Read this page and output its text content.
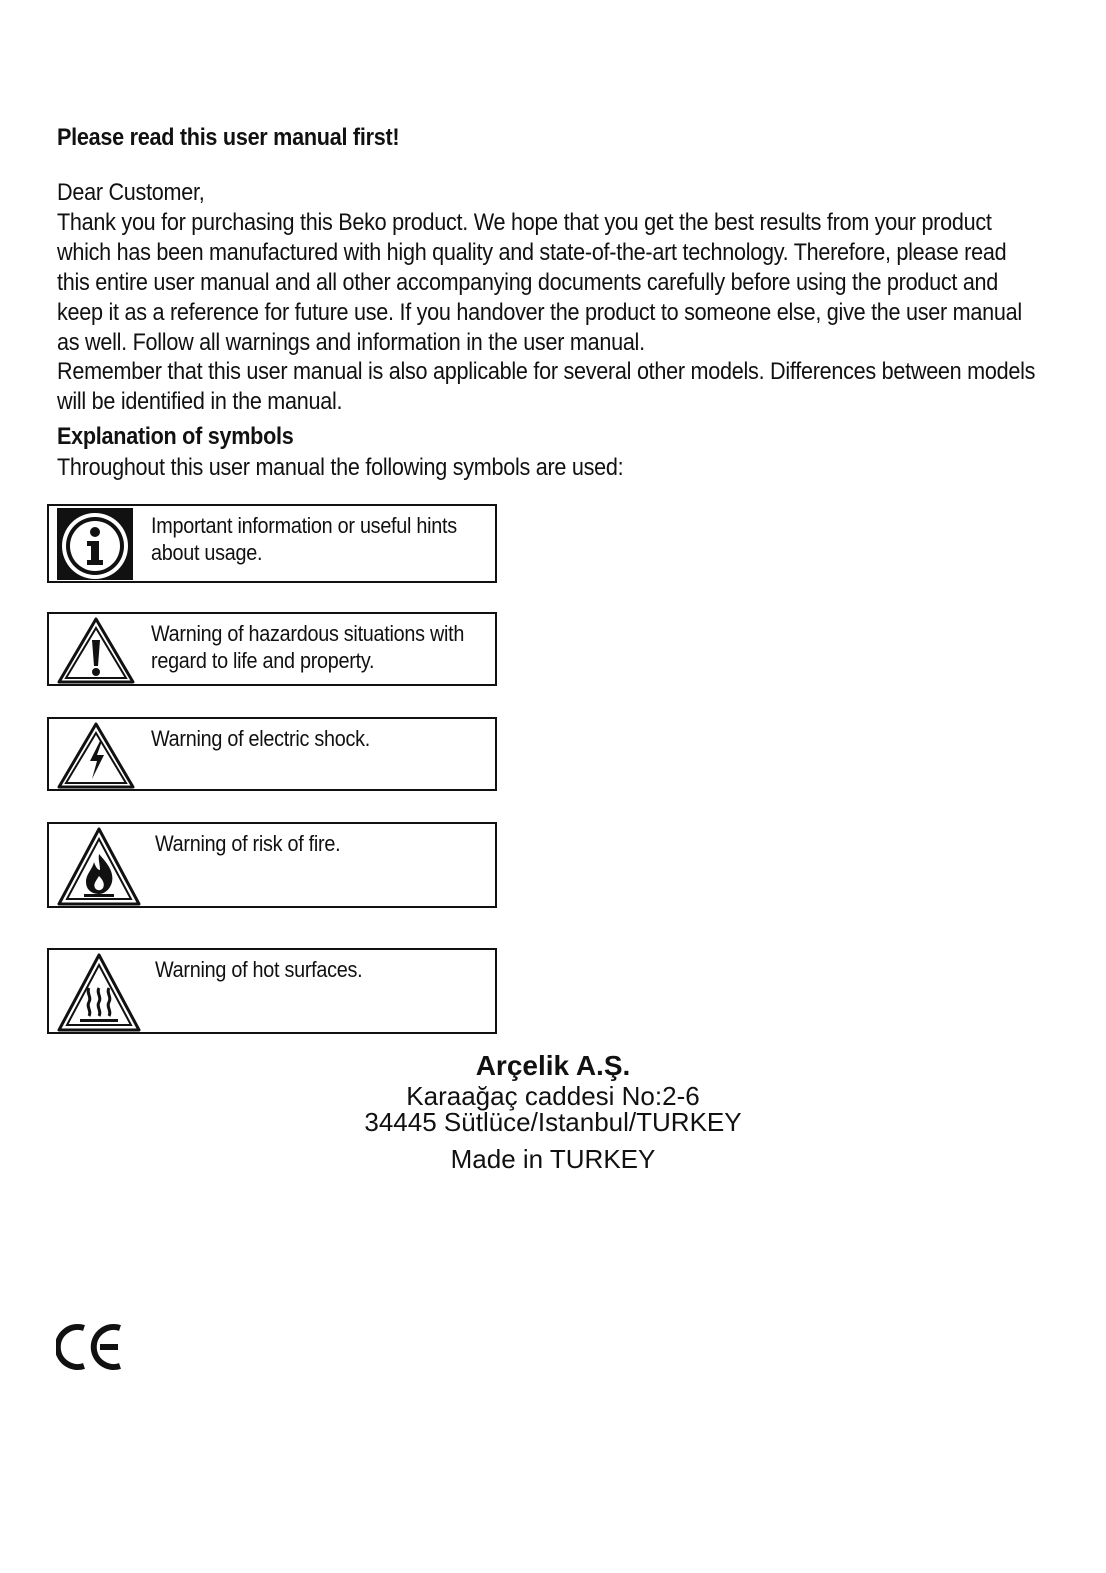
Please read this user manual first!
Dear Customer,
Thank you for purchasing this Beko product. We hope that you get the best results from your product which has been manufactured with high quality and state-of-the-art technology. Therefore, please read this entire user manual and all other accompanying documents carefully before using the product and keep it as a reference for future use. If you handover the product to someone else, give the user manual as well. Follow all warnings and information in the user manual.
Remember that this user manual is also applicable for several other models. Differences between models will be identified in the manual.
Explanation of symbols
Throughout this user manual the following symbols are used:
Important information or useful hints about usage.
Warning of hazardous situations with regard to life and property.
Warning of electric shock.
Warning of risk of fire.
Warning of hot surfaces.
Arçelik A.Ş.
Karaağaç caddesi No:2-6
34445 Sütlüce/Istanbul/TURKEY
Made in TURKEY
